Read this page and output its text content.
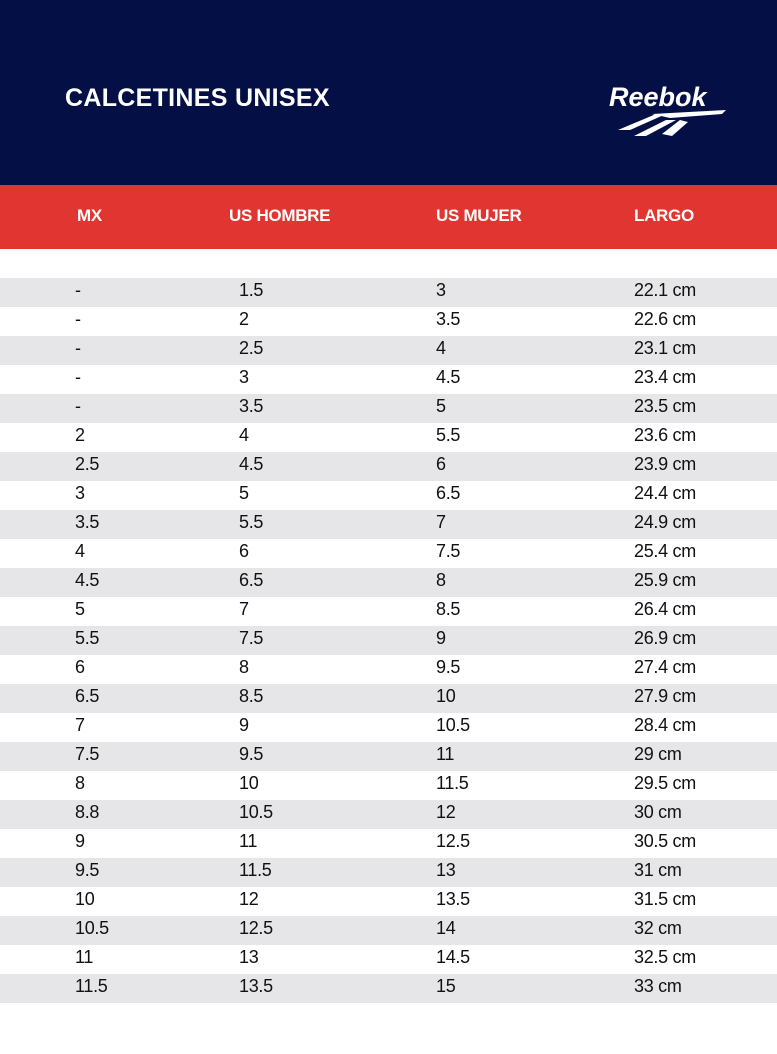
CALCETINES UNISEX	Reebok
MX	US HOMBRE	US MUJER	LARGO
-	1.5	3	22.1 cm
-	2	3.5	22.6 cm
-	2.5	4	23.1 cm
-	3	4.5	23.4 cm
-	3.5	5	23.5 cm
2	4	5.5	23.6 cm
2.5	4.5	6	23.9 cm
3	5	6.5	24.4 cm
3.5	5.5	7	24.9 cm
4	6	7.5	25.4 cm
4.5	6.5	8	25.9 cm
5	7	8.5	26.4 cm
5.5	7.5	9	26.9 cm
6	8	9.5	27.4 cm
6.5	8.5	10	27.9 cm
7	9	10.5	28.4 cm
7.5	9.5	11	29 cm
8	10	11.5	29.5 cm
8.8	10.5	12	30 cm
9	11	12.5	30.5 cm
9.5	11.5	13	31 cm
10	12	13.5	31.5 cm
10.5	12.5	14	32 cm
11	13	14.5	32.5 cm
11.5	13.5	15	33 cm
